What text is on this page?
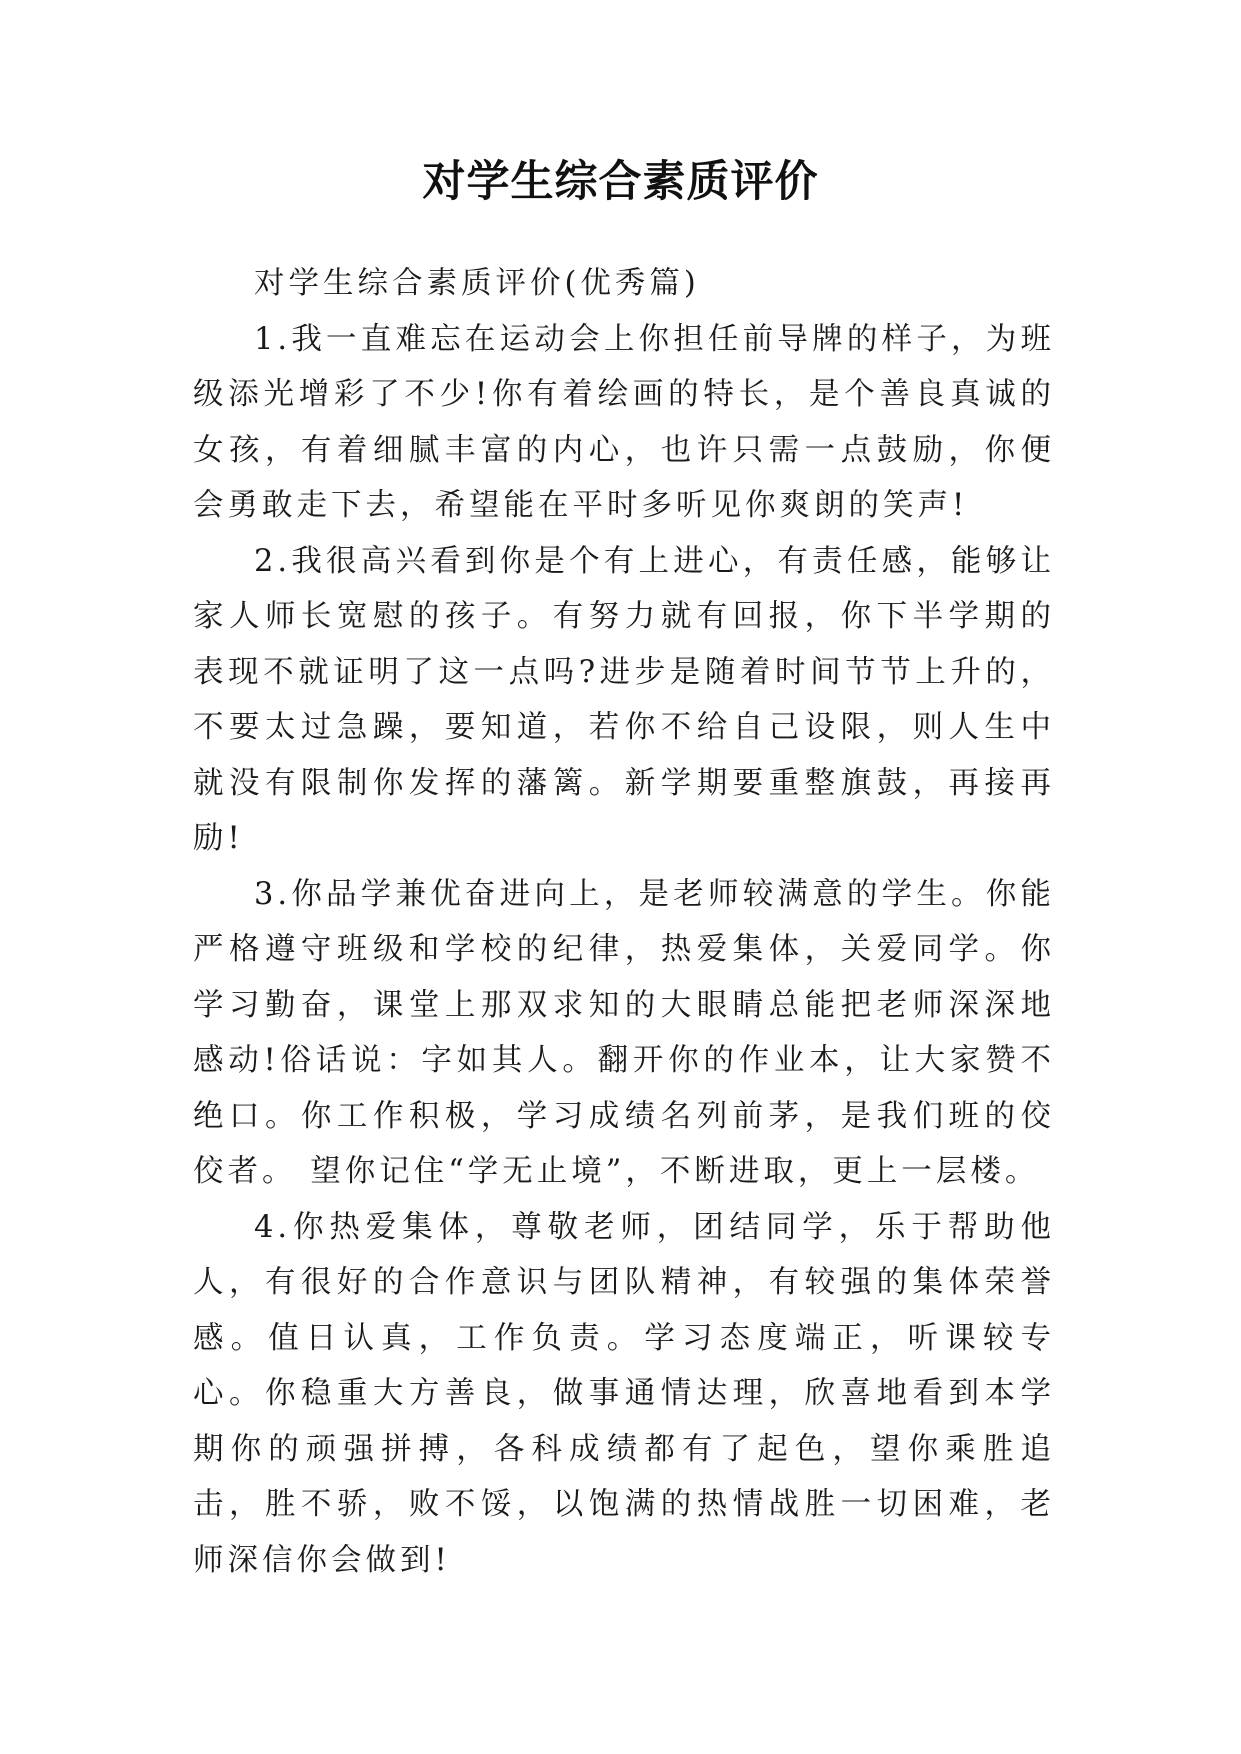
对学生综合素质评价

对学生综合素质评价(优秀篇)

1.我一直难忘在运动会上你担任前导牌的样子，为班级添光增彩了不少!你有着绘画的特长，是个善良真诚的女孩，有着细腻丰富的内心，也许只需一点鼓励，你便会勇敢走下去，希望能在平时多听见你爽朗的笑声!

2.我很高兴看到你是个有上进心，有责任感，能够让家人师长宽慰的孩子。有努力就有回报，你下半学期的表现不就证明了这一点吗?进步是随着时间节节上升的，不要太过急躁，要知道，若你不给自己设限，则人生中就没有限制你发挥的藩篱。新学期要重整旗鼓，再接再励!

3.你品学兼优奋进向上，是老师较满意的学生。你能严格遵守班级和学校的纪律，热爱集体，关爱同学。你学习勤奋，课堂上那双求知的大眼睛总能把老师深深地感动!俗话说：字如其人。翻开你的作业本，让大家赞不绝口。你工作积极，学习成绩名列前茅，是我们班的佼佼者。 望你记住“学无止境”，不断进取，更上一层楼。

4.你热爱集体，尊敬老师，团结同学，乐于帮助他人，有很好的合作意识与团队精神，有较强的集体荣誉感。值日认真，工作负责。学习态度端正，听课较专心。你稳重大方善良，做事通情达理，欣喜地看到本学期你的顽强拼搏，各科成绩都有了起色，望你乘胜追击，胜不骄，败不馁，以饱满的热情战胜一切困难，老师深信你会做到!
